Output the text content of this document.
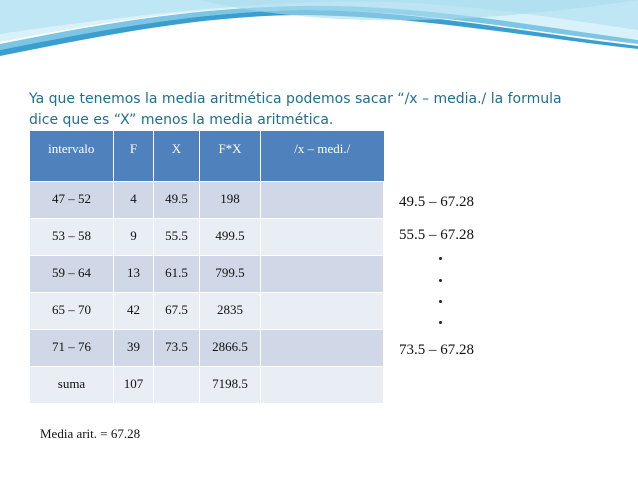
Ya que tenemos la media aritmética podemos sacar “/x – media./ la formula
dice que es “X” menos la media aritmética.

intervalo	F	X	F*X	/x – medi./
47 – 52	4	49.5	198	
53 – 58	9	55.5	499.5	
59 – 64	13	61.5	799.5	
65 – 70	42	67.5	2835	
71 – 76	39	73.5	2866.5	
suma	107		7198.5	

49.5 – 67.28

55.5 – 67.28

73.5 – 67.28

Media arit. = 67.28
